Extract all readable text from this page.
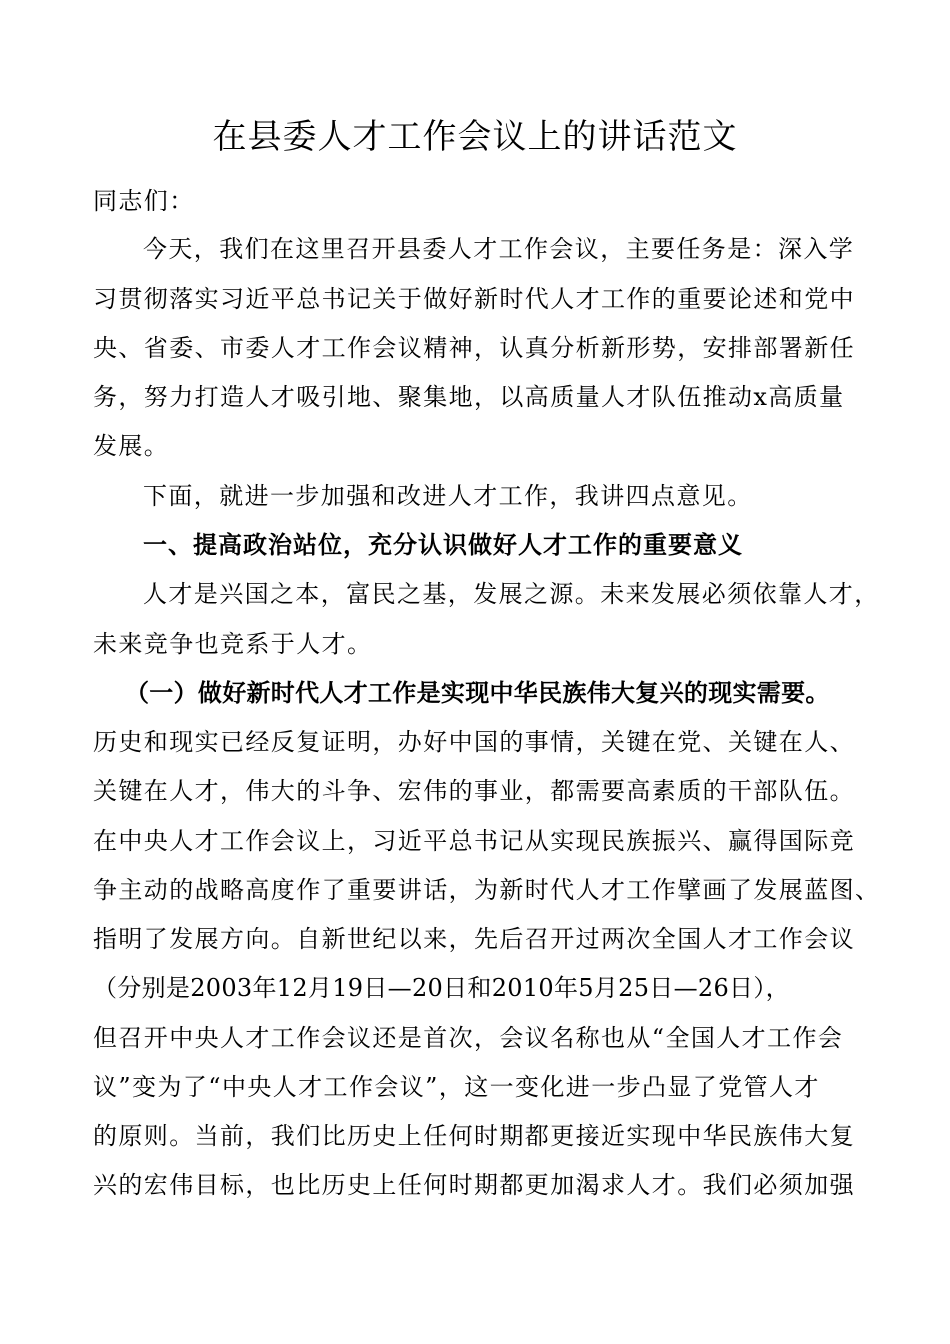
在县委人才工作会议上的讲话范文
同志们：
今天，我们在这里召开县委人才工作会议，主要任务是：深入学
习贯彻落实习近平总书记关于做好新时代人才工作的重要论述和党中
央、省委、市委人才工作会议精神，认真分析新形势，安排部署新任
务，努力打造人才吸引地、聚集地，以高质量人才队伍推动x高质量
发展。
下面，就进一步加强和改进人才工作，我讲四点意见。
一、提高政治站位，充分认识做好人才工作的重要意义
人才是兴国之本，富民之基，发展之源。未来发展必须依靠人才，
未来竞争也竞系于人才。
（一）做好新时代人才工作是实现中华民族伟大复兴的现实需要。
历史和现实已经反复证明，办好中国的事情，关键在党、关键在人、
关键在人才，伟大的斗争、宏伟的事业，都需要高素质的干部队伍。
在中央人才工作会议上，习近平总书记从实现民族振兴、赢得国际竞
争主动的战略高度作了重要讲话，为新时代人才工作擘画了发展蓝图、
指明了发展方向。自新世纪以来，先后召开过两次全国人才工作会议
（分别是2003年12月19日—20日和2010年5月25日—26日），
但召开中央人才工作会议还是首次，会议名称也从“全国人才工作会
议”变为了“中央人才工作会议”，这一变化进一步凸显了党管人才
的原则。当前，我们比历史上任何时期都更接近实现中华民族伟大复
兴的宏伟目标，也比历史上任何时期都更加渴求人才。我们必须加强
